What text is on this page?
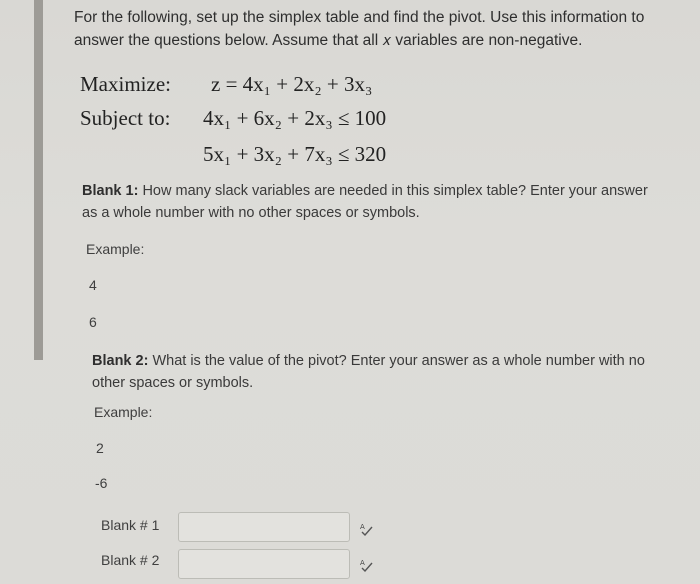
For the following, set up the simplex table and find the pivot. Use this information to answer the questions below. Assume that all 𝑥 variables are non-negative.
Maximize: z = 4x₁ + 2x₂ + 3x₃
Subject to: 4x₁ + 6x₂ + 2x₃ ≤ 100
5x₁ + 3x₂ + 7x₃ ≤ 320
Blank 1: How many slack variables are needed in this simplex table? Enter your answer as a whole number with no other spaces or symbols.
Example:
4
6
Blank 2: What is the value of the pivot? Enter your answer as a whole number with no other spaces or symbols.
Example:
2
-6
Blank # 1	A
Blank # 2	A
